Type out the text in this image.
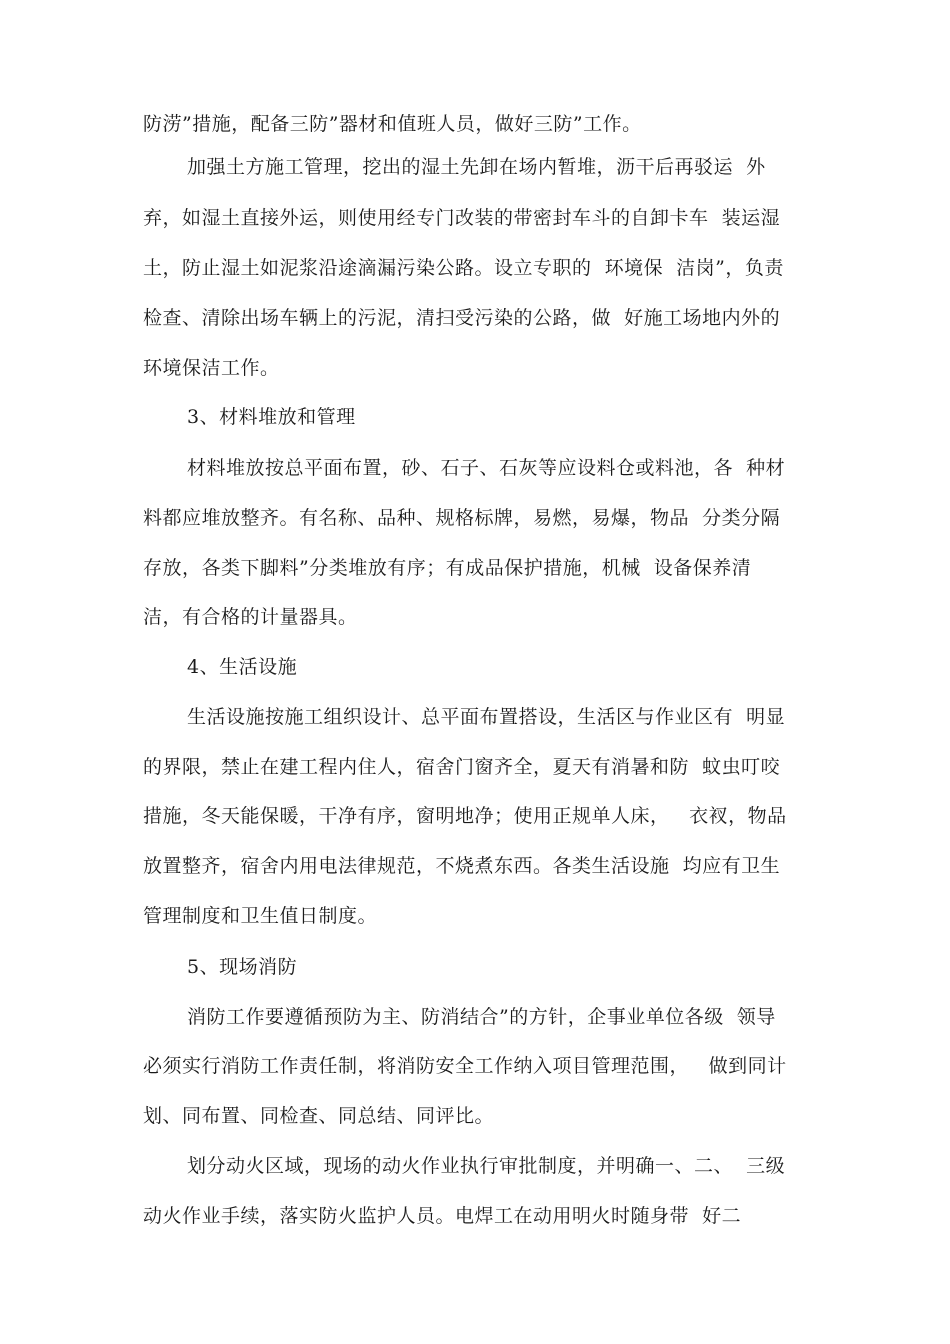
防涝”措施，配备三防”器材和值班人员，做好三防”工作。
加强土方施工管理，挖出的湿土先卸在场内暂堆，沥干后再驳运  外
弃，如湿土直接外运，则使用经专门改装的带密封车斗的自卸卡车  装运湿
土，防止湿土如泥浆沿途滴漏污染公路。设立专职的  环境保  洁岗”，负责
检查、清除出场车辆上的污泥，清扫受污染的公路，做  好施工场地内外的
环境保洁工作。
3、材料堆放和管理
材料堆放按总平面布置，砂、石子、石灰等应设料仓或料池，各  种材
料都应堆放整齐。有名称、品种、规格标牌，易燃，易爆，物品  分类分隔
存放，各类下脚料”分类堆放有序；有成品保护措施，机械  设备保养清
洁，有合格的计量器具。
4、生活设施
生活设施按施工组织设计、总平面布置搭设，生活区与作业区有  明显
的界限，禁止在建工程内住人，宿舍门窗齐全，夏天有消暑和防  蚊虫叮咬
措施，冬天能保暖，干净有序，窗明地净；使用正规单人床，   衣衩，物品
放置整齐，宿舍内用电法律规范，不烧煮东西。各类生活设施  均应有卫生
管理制度和卫生值日制度。
5、现场消防
消防工作要遵循预防为主、防消结合”的方针，企事业单位各级  领导
必须实行消防工作责任制，将消防安全工作纳入项目管理范围，   做到同计
划、同布置、同检查、同总结、同评比。
划分动火区域，现场的动火作业执行审批制度，并明确一、二、  三级
动火作业手续，落实防火监护人员。电焊工在动用明火时随身带  好二
